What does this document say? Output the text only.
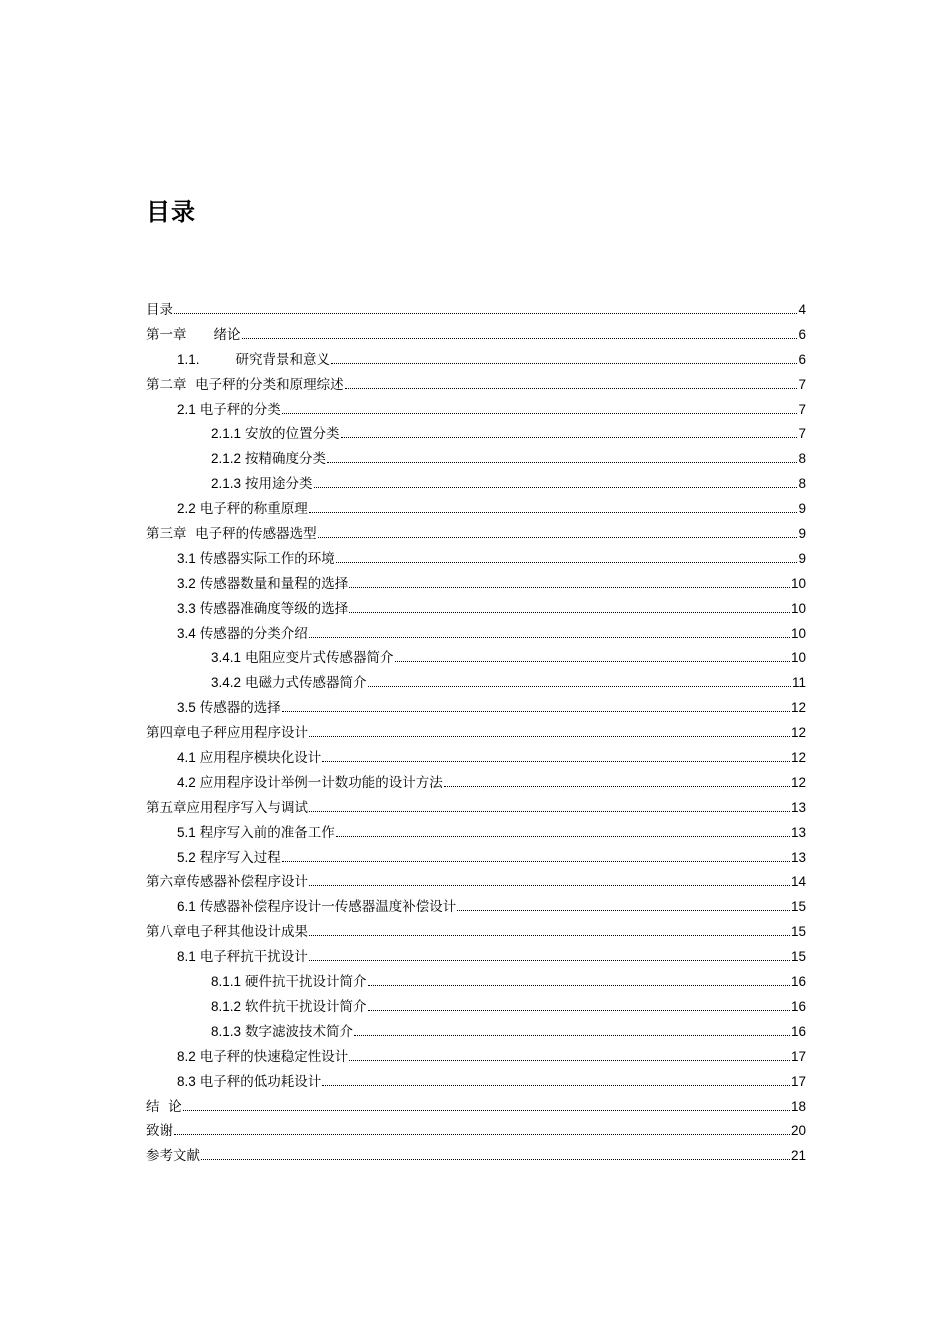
目录
目录	4
第一章　　绪论	6
1.1.	研究背景和意义	6
第二章  电子秤的分类和原理综述	7
2.1 电子秤的分类	7
2.1.1 安放的位置分类	7
2.1.2 按精确度分类	8
2.1.3 按用途分类	8
2.2 电子秤的称重原理	9
第三章  电子秤的传感器选型	9
3.1 传感器实际工作的环境	9
3.2 传感器数量和量程的选择	10
3.3 传感器准确度等级的选择	10
3.4 传感器的分类介绍	10
3.4.1 电阻应变片式传感器简介	10
3.4.2 电磁力式传感器简介	11
3.5 传感器的选择	12
第四章电子秤应用程序设计	12
4.1 应用程序模块化设计	12
4.2 应用程序设计举例一计数功能的设计方法	12
第五章应用程序写入与调试	13
5.1 程序写入前的准备工作	13
5.2 程序写入过程	13
第六章传感器补偿程序设计	14
6.1 传感器补偿程序设计一传感器温度补偿设计	15
第八章电子秤其他设计成果	15
8.1 电子秤抗干扰设计	15
8.1.1 硬件抗干扰设计简介	16
8.1.2 软件抗干扰设计简介	16
8.1.3 数字滤波技术简介	16
8.2 电子秤的快速稳定性设计	17
8.3 电子秤的低功耗设计	17
结  论	18
致谢	20
参考文献	21
